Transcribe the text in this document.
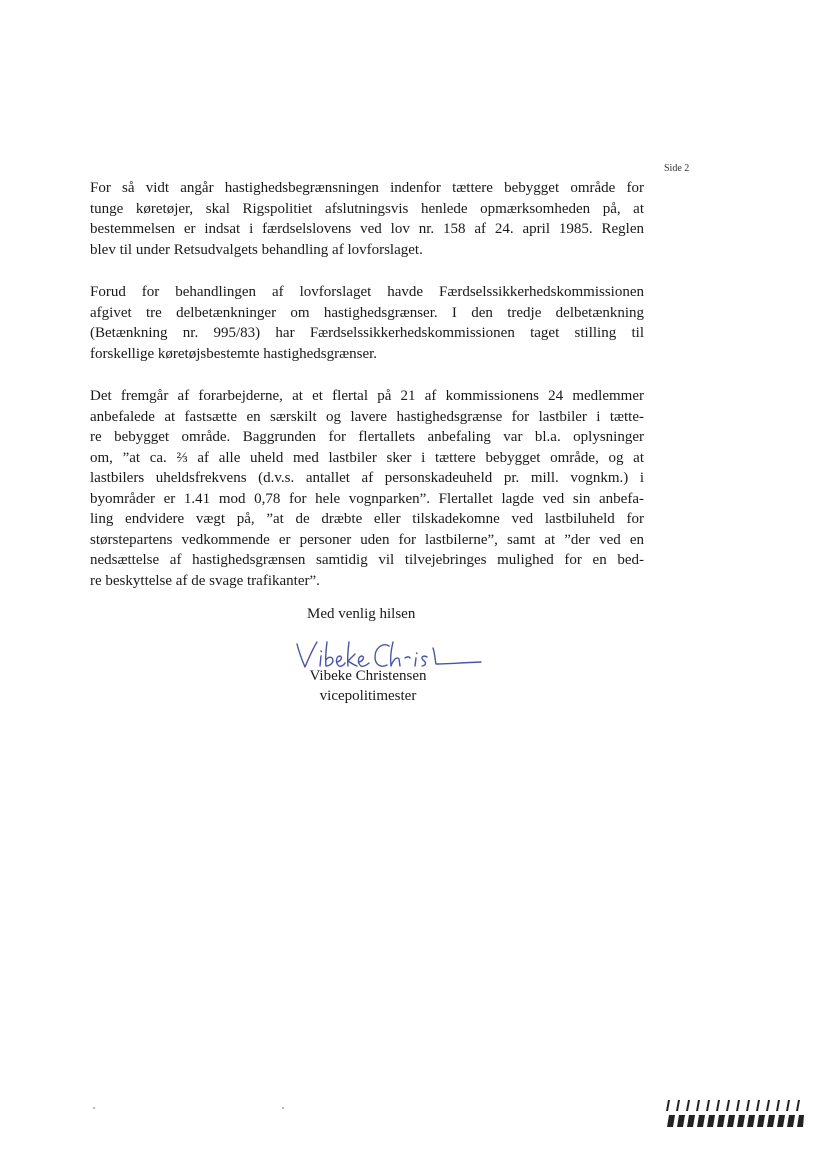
Side 2

For så vidt angår hastighedsbegrænsningen indenfor tættere bebygget område for
tunge køretøjer, skal Rigspolitiet afslutningsvis henlede opmærksomheden på, at
bestemmelsen er indsat i færdselslovens ved lov nr. 158 af 24. april 1985. Reglen
blev til under Retsudvalgets behandling af lovforslaget.

Forud for behandlingen af lovforslaget havde Færdselssikkerhedskommissionen
afgivet tre delbetænkninger om hastighedsgrænser. I den tredje delbetænkning
(Betænkning nr. 995/83) har Færdselssikkerhedskommissionen taget stilling til
forskellige køretøjsbestemte hastighedsgrænser.

Det fremgår af forarbejderne, at et flertal på 21 af kommissionens 24 medlemmer
anbefalede at fastsætte en særskilt og lavere hastighedsgrænse for lastbiler i tætte-
re bebygget område. Baggrunden for flertallets anbefaling var bl.a. oplysninger
om, ”at ca. ⅔ af alle uheld med lastbiler sker i tættere bebygget område, og at
lastbilers uheldsfrekvens (d.v.s. antallet af personskadeuheld pr. mill. vognkm.) i
byområder er 1.41 mod 0,78 for hele vognparken”. Flertallet lagde ved sin anbefa-
ling endvidere vægt på, ”at de dræbte eller tilskadekomne ved lastbiluheld for
størstepartens vedkommende er personer uden for lastbilerne”, samt at ”der ved en
nedsættelse af hastighedsgrænsen samtidig vil tilvejebringes mulighed for en bed-
re beskyttelse af de svage trafikanter”.

Med venlig hilsen
Vibeke Christensen
vicepolitimester
